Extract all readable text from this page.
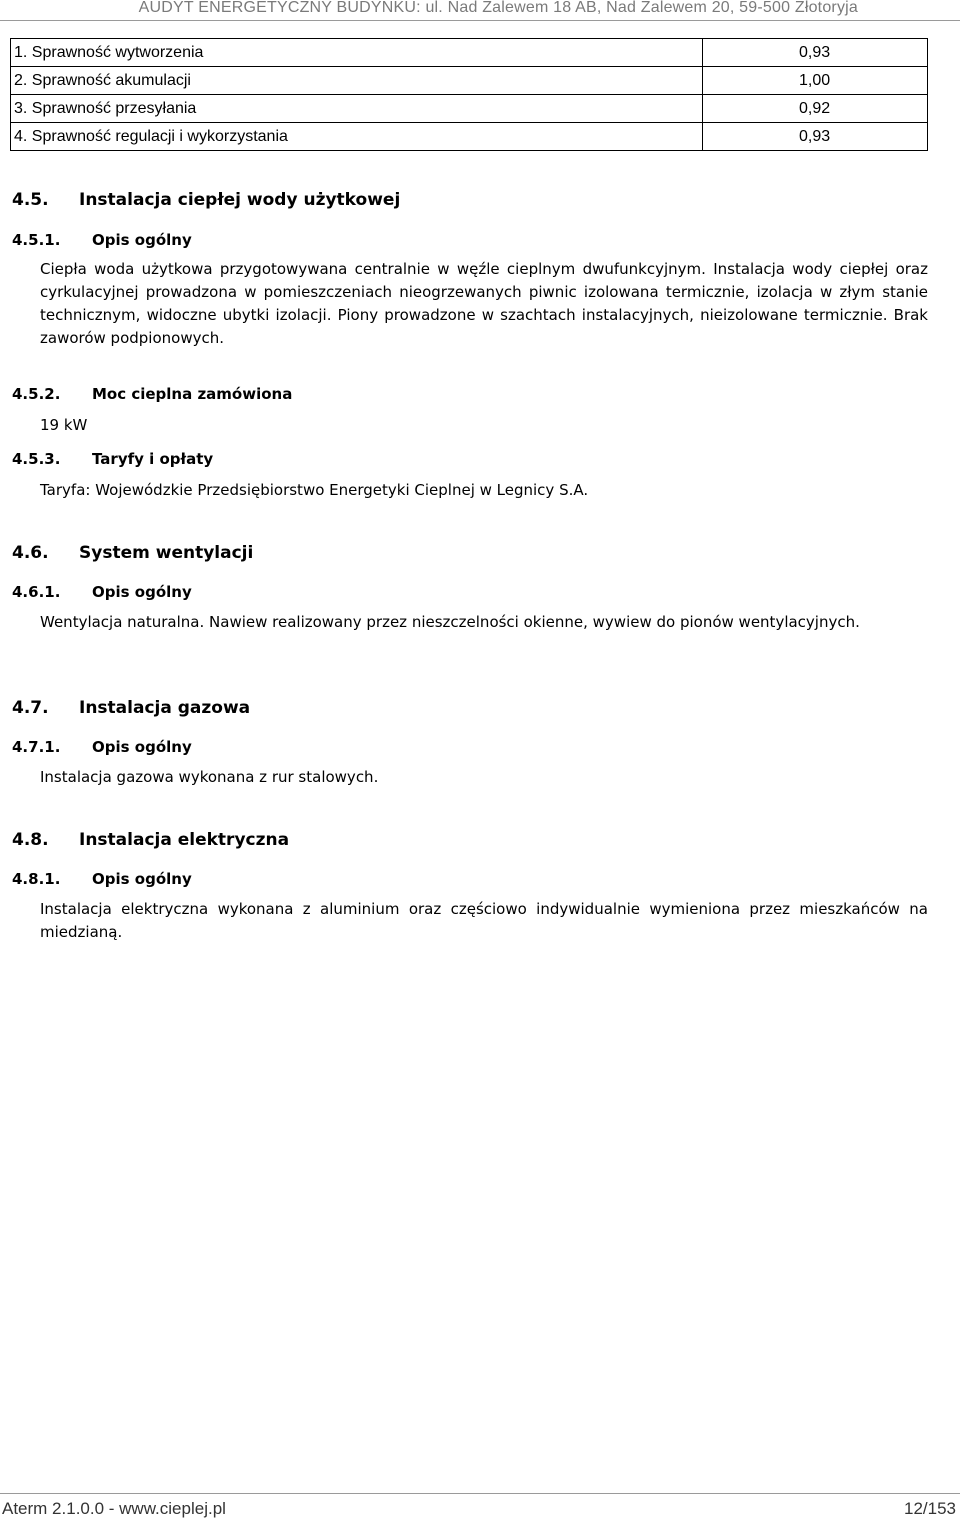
AUDYT ENERGETYCZNY BUDYNKU: ul. Nad Zalewem 18 AB, Nad Zalewem 20, 59-500 Złotoryja
1. Sprawność wytworzenia	0,93
2. Sprawność akumulacji	1,00
3. Sprawność przesyłania	0,92
4. Sprawność regulacji i wykorzystania	0,93
4.5. Instalacja ciepłej wody użytkowej
4.5.1. Opis ogólny
Ciepła woda użytkowa przygotowywana centralnie w węźle cieplnym dwufunkcyjnym. Instalacja wody ciepłej oraz cyrkulacyjnej prowadzona w pomieszczeniach nieogrzewanych piwnic izolowana termicznie, izolacja w złym stanie technicznym, widoczne ubytki izolacji. Piony prowadzone w szachtach instalacyjnych, nieizolowane termicznie. Brak zaworów podpionowych.
4.5.2. Moc cieplna zamówiona
19 kW
4.5.3. Taryfy i opłaty
Taryfa: Wojewódzkie Przedsiębiorstwo Energetyki Cieplnej w Legnicy S.A.
4.6. System wentylacji
4.6.1. Opis ogólny
Wentylacja naturalna. Nawiew realizowany przez nieszczelności okienne, wywiew do pionów wentylacyjnych.
4.7. Instalacja gazowa
4.7.1. Opis ogólny
Instalacja gazowa wykonana z rur stalowych.
4.8. Instalacja elektryczna
4.8.1. Opis ogólny
Instalacja elektryczna wykonana z aluminium oraz częściowo indywidualnie wymieniona przez mieszkańców na miedzianą.
Aterm 2.1.0.0 - www.cieplej.pl	12/153
